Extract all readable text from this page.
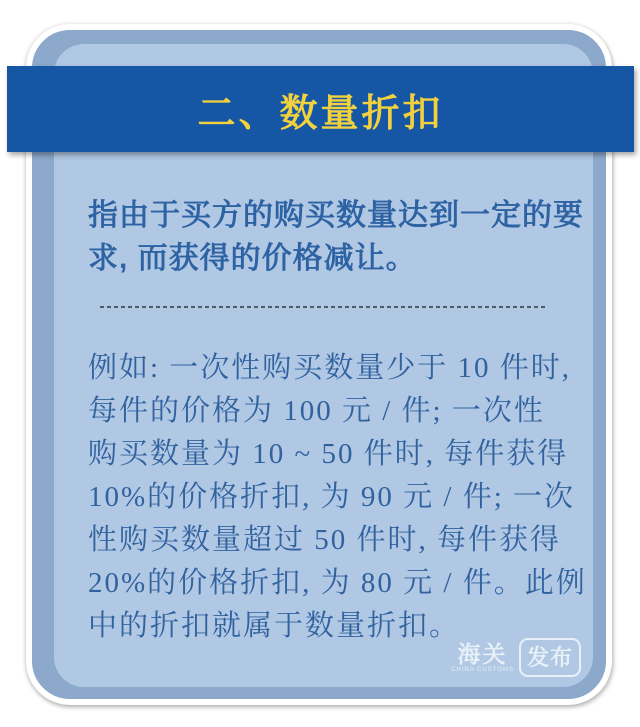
指由于买方的购买数量达到一定的要
求, 而获得的价格减让。
例如: 一次性购买数量少于 10 件时,
每件的价格为 100 元 / 件; 一次性
购买数量为 10 ~ 50 件时, 每件获得
10%的价格折扣, 为 90 元 / 件; 一次
性购买数量超过 50 件时, 每件获得
20%的价格折扣, 为 80 元 / 件。此例
中的折扣就属于数量折扣。
海关
CHINA CUSTOMS 发布
二、数量折扣
